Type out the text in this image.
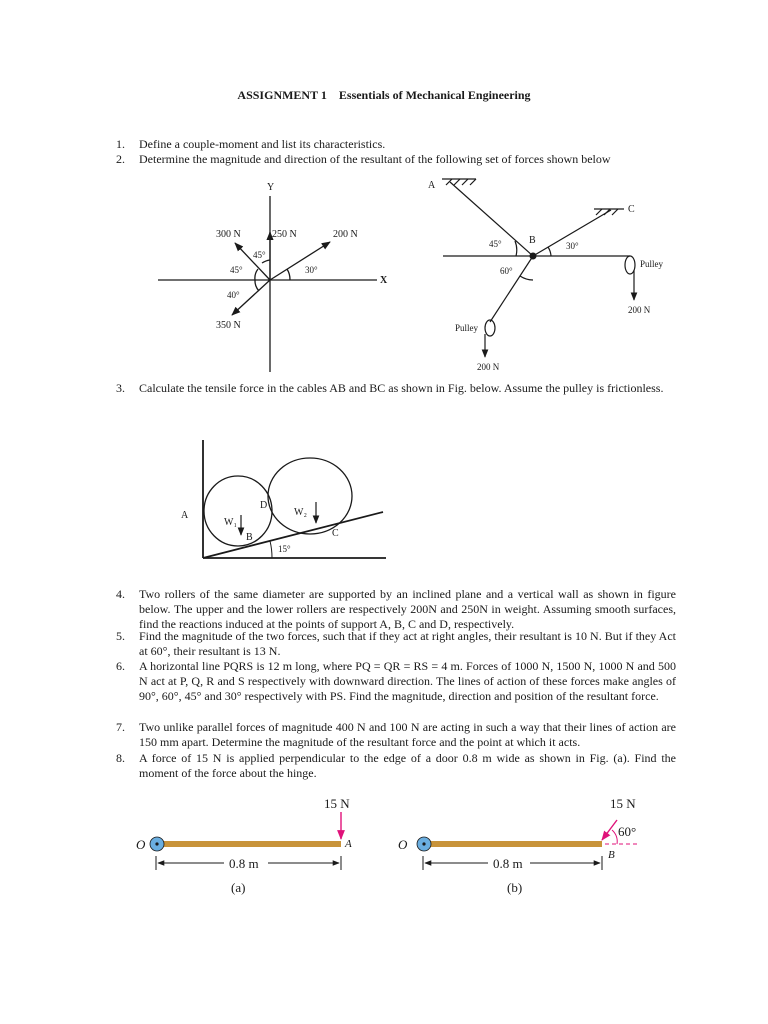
ASSIGNMENT 1 Essentials of Mechanical Engineering
1. Define a couple-moment and list its characteristics.
2. Determine the magnitude and direction of the resultant of the following set of forces shown below
3. Calculate the tensile force in the cables AB and BC as shown in Fig. below. Assume the pulley is frictionless.
4. Two rollers of the same diameter are supported by an inclined plane and a vertical wall as shown in figure below. The upper and the lower rollers are respectively 200N and 250N in weight. Assuming smooth surfaces, find the reactions induced at the points of support A, B, C and D, respectively.
5. Find the magnitude of the two forces, such that if they act at right angles, their resultant is 10 N. But if they Act at 60°, their resultant is 13 N.
6. A horizontal line PQRS is 12 m long, where PQ = QR = RS = 4 m. Forces of 1000 N, 1500 N, 1000 N and 500 N act at P, Q, R and S respectively with downward direction. The lines of action of these forces make angles of 90°, 60°, 45° and 30° respectively with PS. Find the magnitude, direction and position of the resultant force.
7. Two unlike parallel forces of magnitude 400 N and 100 N are acting in such a way that their lines of action are 150 mm apart. Determine the magnitude of the resultant force and the point at which it acts.
8. A force of 15 N is applied perpendicular to the edge of a door 0.8 m wide as shown in Fig. (a). Find the moment of the force about the hinge.
Y
X
300 N	250 N	200 N
350 N
45°
45°	30°
40°
A
B
C
45°	30°
60°
Pulley
200 N
Pulley
200 N
A
B	C
D
W₁
W₂
15°
15 N
O	A
0.8 m
(a)
15 N
60°
O
B
0.8 m
(b)
